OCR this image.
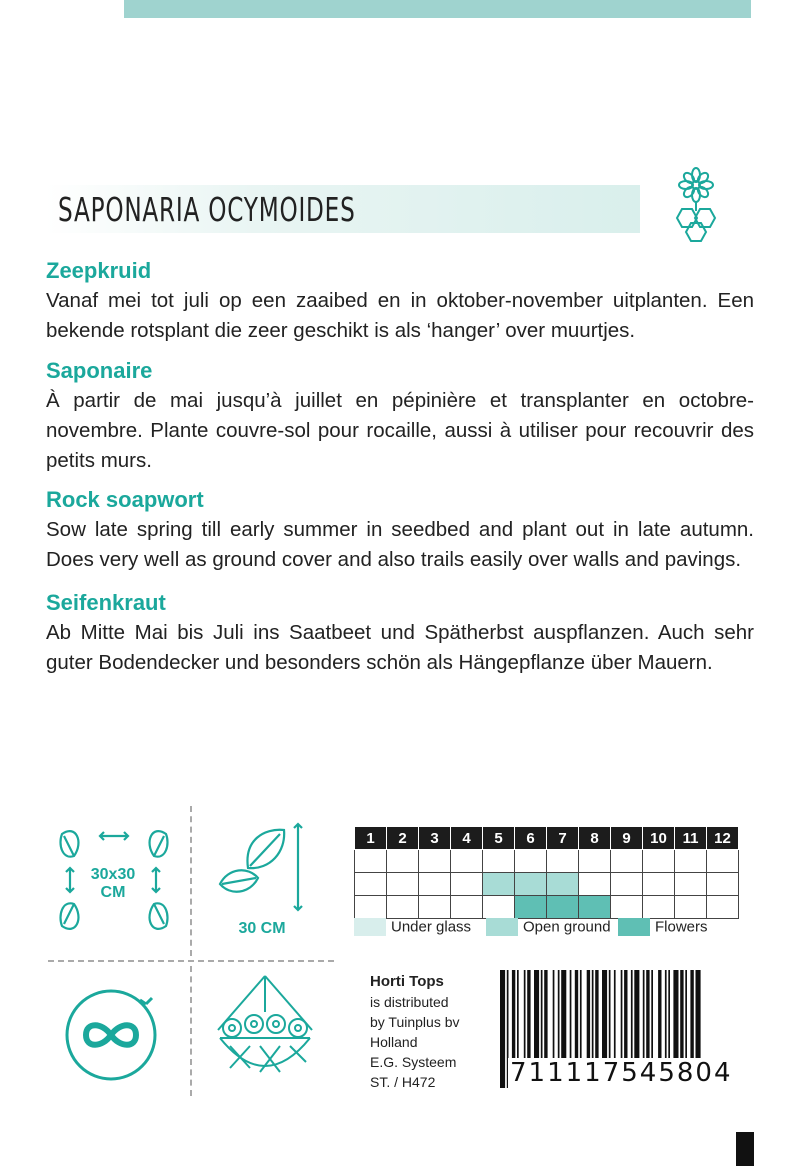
SAPONARIA OCYMOIDES

Zeepkruid

Vanaf mei tot juli op een zaaibed en in oktober-november uitplanten. Een bekende rotsplant die zeer geschikt is als ‘hanger’ over muurtjes.

Saponaire

À partir de mai jusqu’à juillet en pépinière et transplanter en octobre-novembre. Plante couvre-sol pour rocaille, aussi à utiliser pour recouvrir des petits murs.

Rock soapwort

Sow late spring till early summer in seedbed and plant out in late autumn. Does very well as ground cover and also trails easily over walls and pavings.

Seifenkraut

Ab Mitte Mai bis Juli ins Saatbeet und Spätherbst auspflanzen. Auch sehr guter Bodendecker und besonders schön als Hängepflanze über Mauern.

30x30
CM
30 CM
1	2	3	4	5	6	7	8	9	10	11	12

Under glass	Open ground	Flowers
Horti Tops
is distributed
by Tuinplus bv
Holland
E.G. Systeem
ST. / H472	711117545804
